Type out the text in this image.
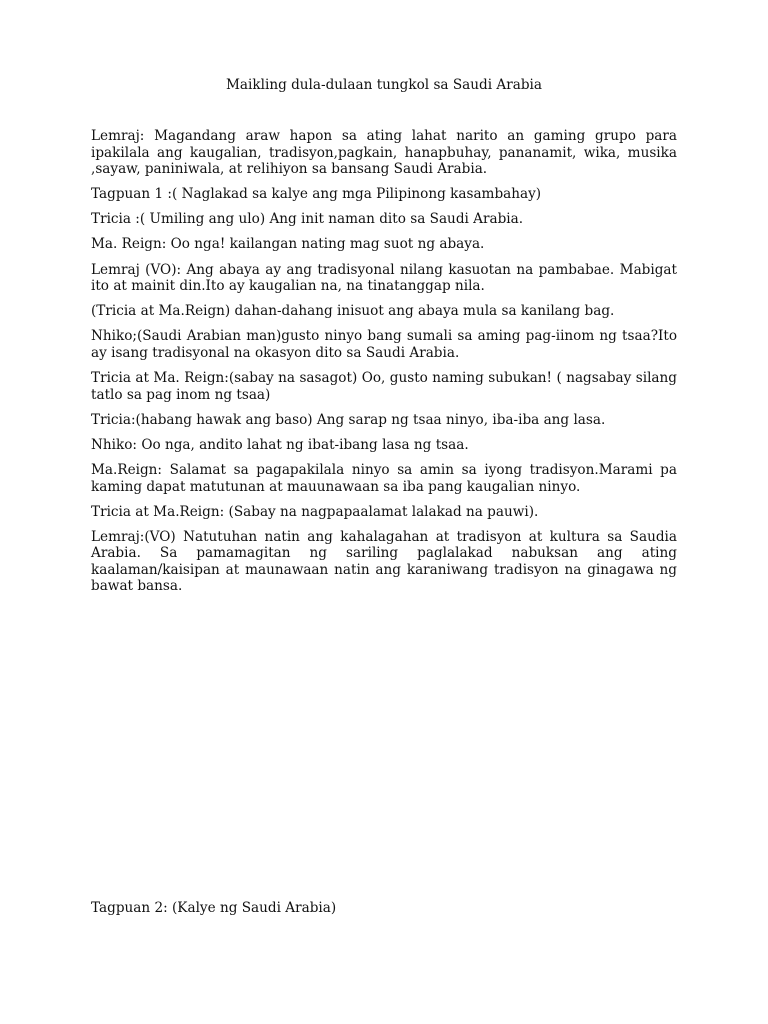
Maikling dula-dulaan tungkol sa Saudi Arabia

Lemraj: Magandang araw hapon sa ating lahat narito an gaming grupo para ipakilala ang kaugalian, tradisyon,pagkain, hanapbuhay, pananamit, wika, musika ,sayaw, paniniwala, at relihiyon sa bansang Saudi Arabia.

Tagpuan 1 :( Naglakad sa kalye ang mga Pilipinong kasambahay)

Tricia :( Umiling ang ulo) Ang init naman dito sa Saudi Arabia.

Ma. Reign: Oo nga! kailangan nating mag suot ng abaya.

Lemraj (VO): Ang abaya ay ang tradisyonal nilang kasuotan na pambabae. Mabigat ito at mainit din.Ito ay kaugalian na, na tinatanggap nila.

(Tricia at Ma.Reign) dahan-dahang inisuot ang abaya mula sa kanilang bag.

Nhiko;(Saudi Arabian man)gusto ninyo bang sumali sa aming pag-iinom ng tsaa?Ito ay isang tradisyonal na okasyon dito sa Saudi Arabia.

Tricia at Ma. Reign:(sabay na sasagot) Oo, gusto naming subukan! ( nagsabay silang tatlo sa pag inom ng tsaa)

Tricia:(habang hawak ang baso) Ang sarap ng tsaa ninyo, iba-iba ang lasa.

Nhiko: Oo nga, andito lahat ng ibat-ibang lasa ng tsaa.

Ma.Reign: Salamat sa pagapakilala ninyo sa amin sa iyong tradisyon.Marami pa kaming dapat matutunan at mauunawaan sa iba pang kaugalian ninyo.

Tricia at Ma.Reign: (Sabay na nagpapaalamat lalakad na pauwi).

Lemraj:(VO) Natutuhan natin ang kahalagahan at tradisyon at kultura sa Saudia Arabia. Sa pamamagitan ng sariling paglalakad nabuksan ang ating kaalaman/kaisipan at maunawaan natin ang karaniwang tradisyon na ginagawa ng bawat bansa.

Tagpuan 2: (Kalye ng Saudi Arabia)
